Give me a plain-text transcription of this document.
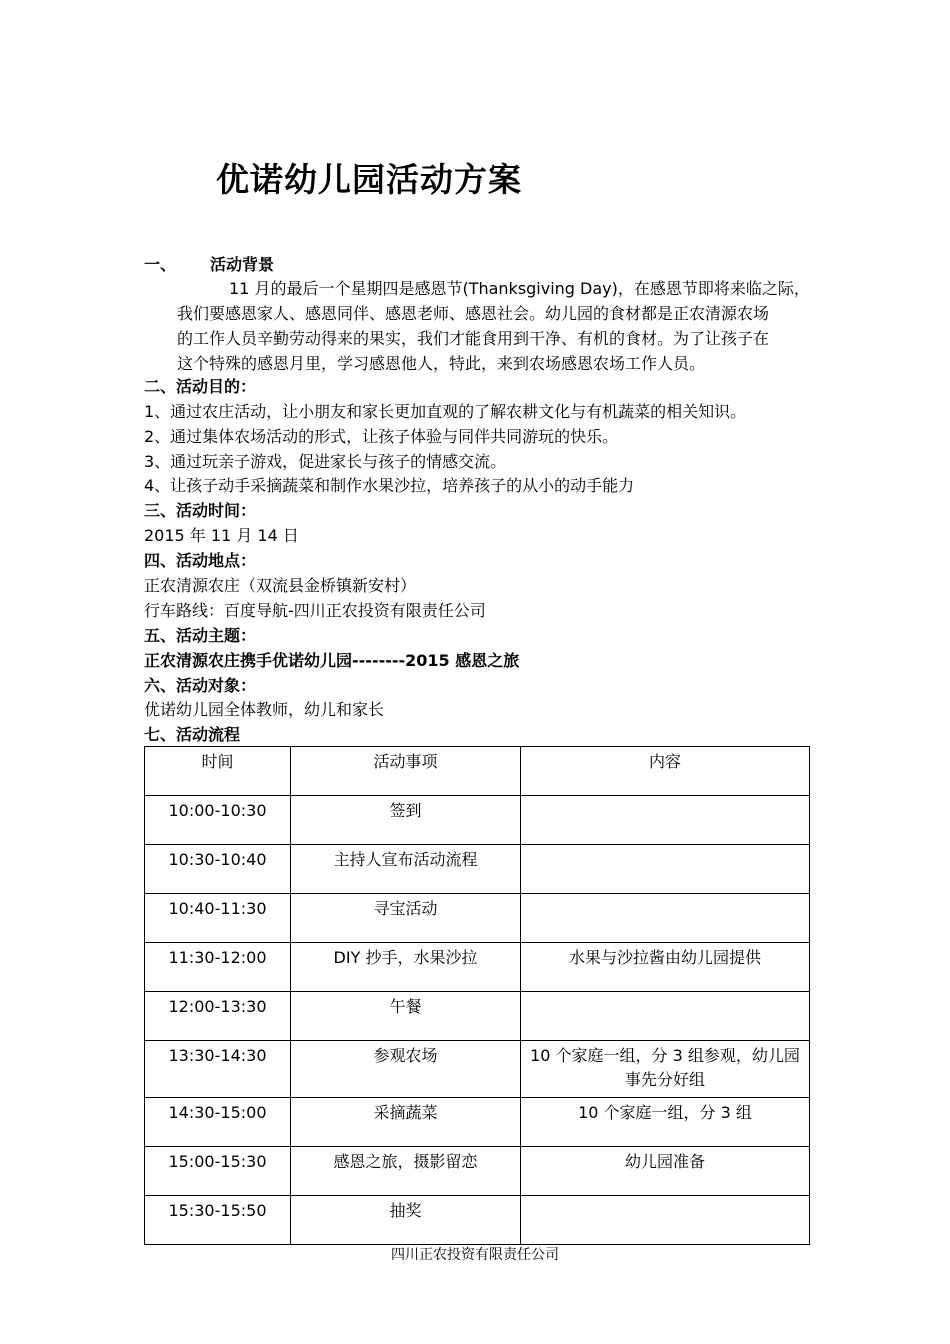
优诺幼儿园活动方案
一、 活动背景
11 月的最后一个星期四是感恩节(Thanksgiving Day)，在感恩节即将来临之际，
我们要感恩家人、感恩同伴、感恩老师、感恩社会。幼儿园的食材都是正农清源农场
的工作人员辛勤劳动得来的果实，我们才能食用到干净、有机的食材。为了让孩子在
这个特殊的感恩月里，学习感恩他人，特此，来到农场感恩农场工作人员。
二、活动目的：
1、通过农庄活动，让小朋友和家长更加直观的了解农耕文化与有机蔬菜的相关知识。
2、通过集体农场活动的形式，让孩子体验与同伴共同游玩的快乐。
3、通过玩亲子游戏，促进家长与孩子的情感交流。
4、让孩子动手采摘蔬菜和制作水果沙拉，培养孩子的从小的动手能力
三、活动时间：
2015 年 11 月 14 日
四、活动地点：
正农清源农庄（双流县金桥镇新安村）
行车路线：百度导航-四川正农投资有限责任公司
五、活动主题：
正农清源农庄携手优诺幼儿园--------2015 感恩之旅
六、活动对象：
优诺幼儿园全体教师，幼儿和家长
七、活动流程
时间	活动事项	内容
10:00-10:30	签到	
10:30-10:40	主持人宣布活动流程	
10:40-11:30	寻宝活动	
11:30-12:00	DIY 抄手，水果沙拉	水果与沙拉酱由幼儿园提供
12:00-13:30	午餐	
13:30-14:30	参观农场	10 个家庭一组，分 3 组参观，幼儿园事先分好组
14:30-15:00	采摘蔬菜	10 个家庭一组，分 3 组
15:00-15:30	感恩之旅，摄影留恋	幼儿园准备
15:30-15:50	抽奖	
四川正农投资有限责任公司
